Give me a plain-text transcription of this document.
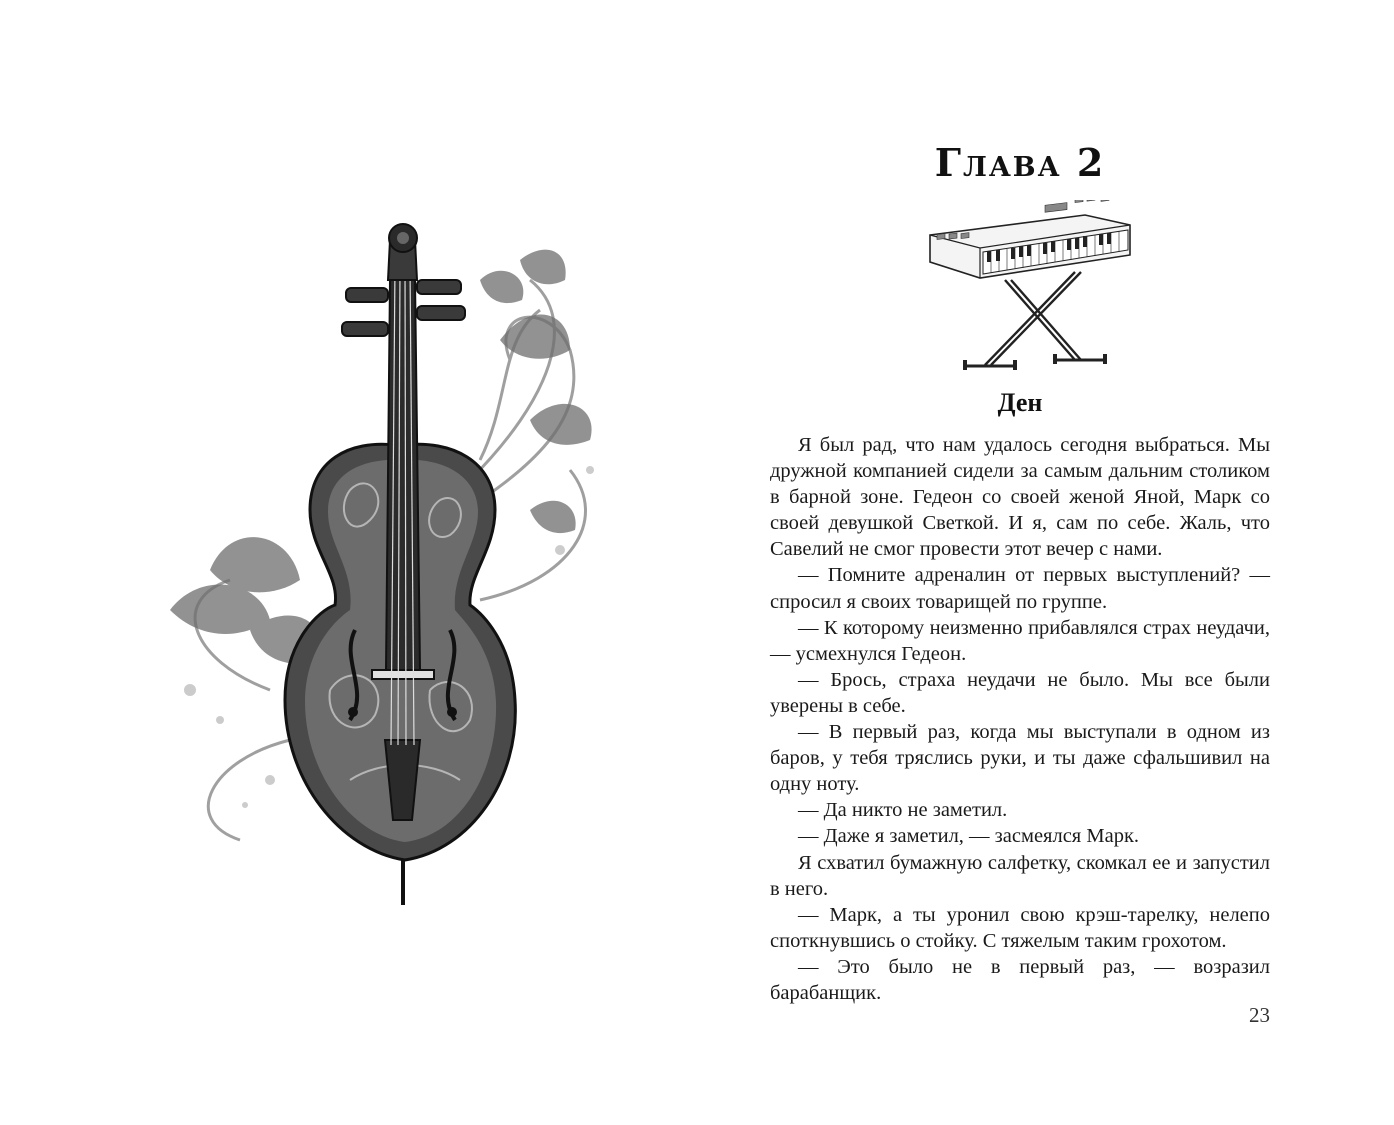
Глава 2
Ден

Я был рад, что нам удалось сегодня выбраться. Мы дружной компанией сидели за самым дальним столиком в барной зоне. Гедеон со своей женой Яной, Марк со своей девушкой Светкой. И я, сам по себе. Жаль, что Савелий не смог провести этот вечер с нами.

— Помните адреналин от первых выступлений? — спросил я своих товарищей по группе.

— К которому неизменно прибавлялся страх неудачи, — усмехнулся Гедеон.

— Брось, страха неудачи не было. Мы все были уверены в себе.

— В первый раз, когда мы выступали в одном из баров, у тебя тряслись руки, и ты даже сфальшивил на одну ноту.

— Да никто не заметил.

— Даже я заметил, — засмеялся Марк.

Я схватил бумажную салфетку, скомкал ее и запустил в него.

— Марк, а ты уронил свою крэш-тарелку, нелепо споткнувшись о стойку. С тяжелым таким грохотом.

— Это было не в первый раз, — возразил барабанщик.

23
